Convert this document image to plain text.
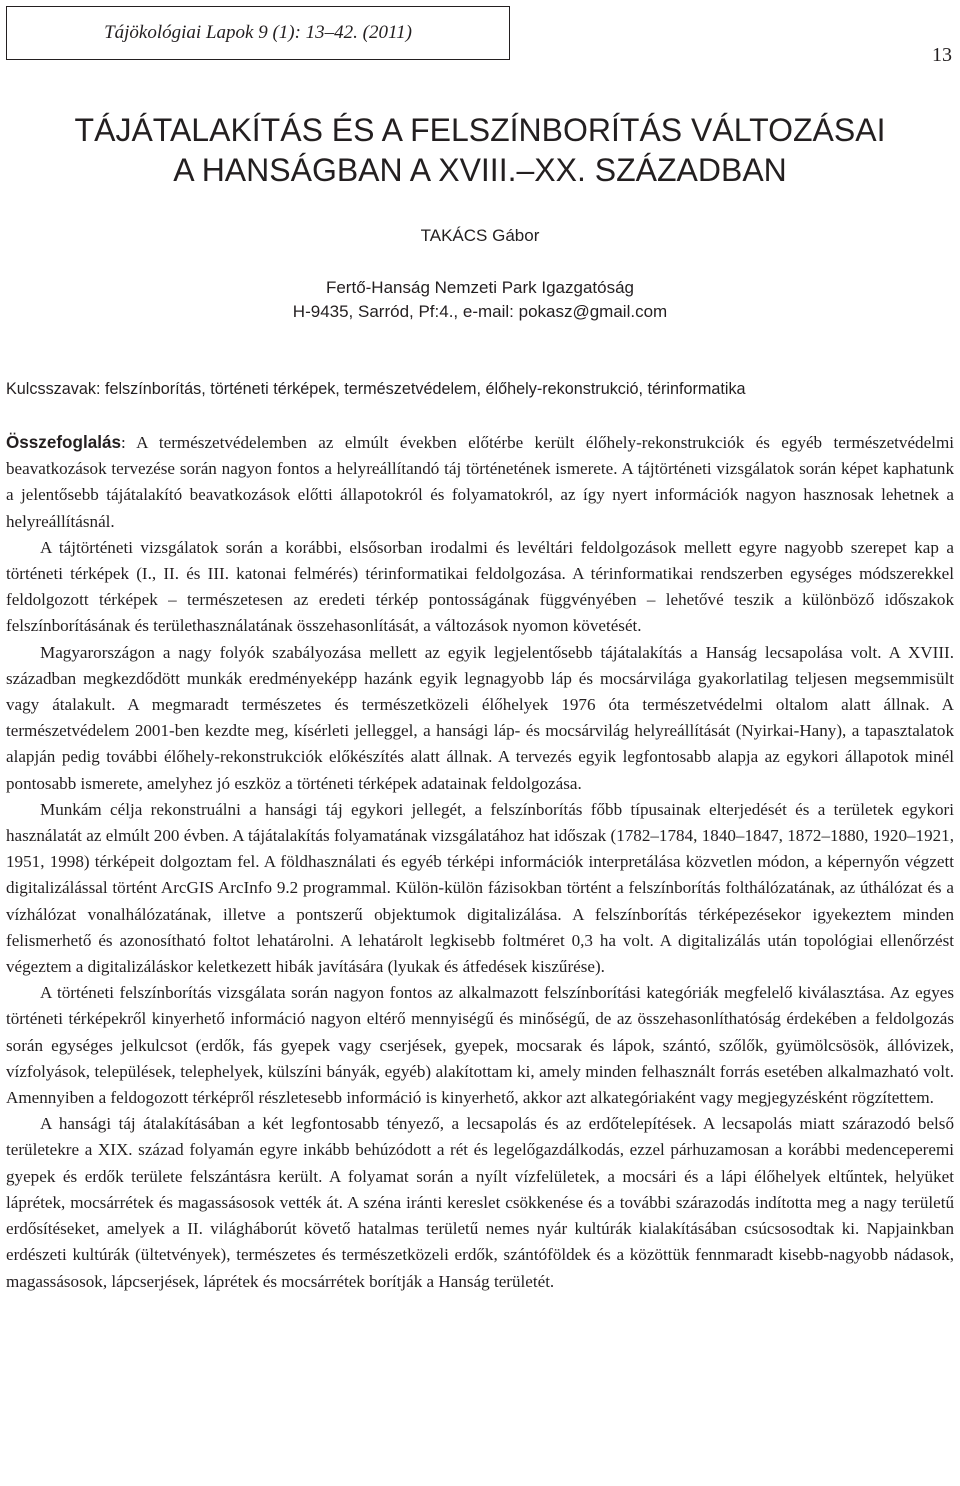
Tájökológiai Lapok 9 (1): 13–42. (2011)
13
TÁJÁTALAKÍTÁS ÉS A FELSZÍNBORÍTÁS VÁLTOZÁSAI
A HANSÁGBAN A XVIII.–XX. SZÁZADBAN
TAKÁCS Gábor
Fertő-Hanság Nemzeti Park Igazgatóság
H-9435, Sarród, Pf:4., e-mail: pokasz@gmail.com
Kulcsszavak: felszínborítás, történeti térképek, természetvédelem, élőhely-rekonstrukció, térinformatika

Összefoglalás: A természetvédelemben az elmúlt években előtérbe került élőhely-rekonstrukciók és egyéb természetvédelmi beavatkozások tervezése során nagyon fontos a helyreállítandó táj történetének ismerete. A tájtörténeti vizsgálatok során képet kaphatunk a jelentősebb tájátalakító beavatkozások előtti állapotokról és folyamatokról, az így nyert információk nagyon hasznosak lehetnek a helyreállításnál.

A tájtörténeti vizsgálatok során a korábbi, elsősorban irodalmi és levéltári feldolgozások mellett egyre nagyobb szerepet kap a történeti térképek (I., II. és III. katonai felmérés) térinformatikai feldolgozása. A térinformatikai rendszerben egységes módszerekkel feldolgozott térképek – természetesen az eredeti térkép pontosságának függvényében – lehetővé teszik a különböző időszakok felszínborításának és területhasználatának összehasonlítását, a változások nyomon követését.

Magyarországon a nagy folyók szabályozása mellett az egyik legjelentősebb tájátalakítás a Hanság lecsapolása volt. A XVIII. században megkezdődött munkák eredményeképp hazánk egyik legnagyobb láp és mocsárvilága gyakorlatilag teljesen megsemmisült vagy átalakult. A megmaradt természetes és természetközeli élőhelyek 1976 óta természetvédelmi oltalom alatt állnak. A természetvédelem 2001-ben kezdte meg, kísérleti jelleggel, a hansági láp- és mocsárvilág helyreállítását (Nyirkai-Hany), a tapasztalatok alapján pedig további élőhely-rekonstrukciók előkészítés alatt állnak. A tervezés egyik legfontosabb alapja az egykori állapotok minél pontosabb ismerete, amelyhez jó eszköz a történeti térképek adatainak feldolgozása.

Munkám célja rekonstruálni a hansági táj egykori jellegét, a felszínborítás főbb típusainak elterjedését és a területek egykori használatát az elmúlt 200 évben. A tájátalakítás folyamatának vizsgálatához hat időszak (1782–1784, 1840–1847, 1872–1880, 1920–1921, 1951, 1998) térképeit dolgoztam fel. A földhasználati és egyéb térképi információk interpretálása közvetlen módon, a képernyőn végzett digitalizálással történt ArcGIS ArcInfo 9.2 programmal. Külön-külön fázisokban történt a felszínborítás folthálózatának, az úthálózat és a vízhálózat vonalhálózatának, illetve a pontszerű objektumok digitalizálása. A felszínborítás térképezésekor igyekeztem minden felismerhető és azonosítható foltot lehatárolni. A lehatárolt legkisebb foltméret 0,3 ha volt. A digitalizálás után topológiai ellenőrzést végeztem a digitalizáláskor keletkezett hibák javítására (lyukak és átfedések kiszűrése).

A történeti felszínborítás vizsgálata során nagyon fontos az alkalmazott felszínborítási kategóriák megfelelő kiválasztása. Az egyes történeti térképekről kinyerhető információ nagyon eltérő mennyiségű és minőségű, de az összehasonlíthatóság érdekében a feldolgozás során egységes jelkulcsot (erdők, fás gyepek vagy cserjések, gyepek, mocsarak és lápok, szántó, szőlők, gyümölcsösök, állóvizek, vízfolyások, települések, telephelyek, külszíni bányák, egyéb) alakítottam ki, amely minden felhasznált forrás esetében alkalmazható volt. Amennyiben a feldogozott térképről részletesebb információ is kinyerhető, akkor azt alkategóriaként vagy megjegyzésként rögzítettem.

A hansági táj átalakításában a két legfontosabb tényező, a lecsapolás és az erdőtelepítések. A lecsapolás miatt szárazodó belső területekre a XIX. század folyamán egyre inkább behúzódott a rét és legelőgazdálkodás, ezzel párhuzamosan a korábbi medenceperemi gyepek és erdők területe felszántásra került. A folyamat során a nyílt vízfelületek, a mocsári és a lápi élőhelyek eltűntek, helyüket láprétek, mocsárrétek és magassásosok vették át. A széna iránti kereslet csökkenése és a további szárazodás indította meg a nagy területű erdősítéseket, amelyek a II. világháborút követő hatalmas területű nemes nyár kultúrák kialakításában csúcsosodtak ki. Napjainkban erdészeti kultúrák (ültetvények), természetes és természetközeli erdők, szántóföldek és a közöttük fennmaradt kisebb-nagyobb nádasok, magassásosok, lápcserjések, láprétek és mocsárrétek borítják a Hanság területét.
